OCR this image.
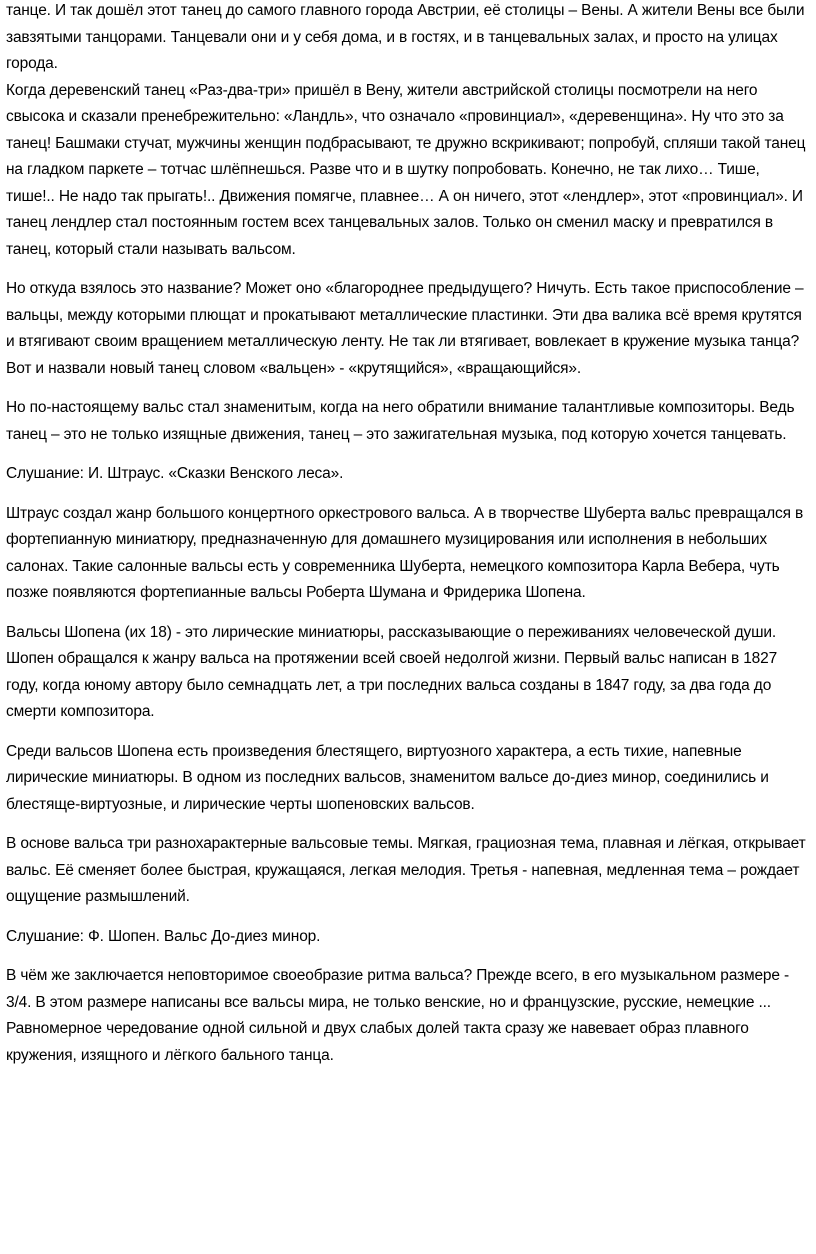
танце. И так дошёл этот танец до самого главного города Австрии, её столицы – Вены. А жители Вены все были завзятыми танцорами. Танцевали они и у себя дома, и в гостях, и в танцевальных залах, и просто на улицах города.

Когда деревенский танец «Раз-два-три» пришёл в Вену, жители австрийской столицы посмотрели на него свысока и сказали пренебрежительно: «Ландль», что означало «провинциал», «деревенщина». Ну что это за танец! Башмаки стучат, мужчины женщин подбрасывают, те дружно вскрикивают; попробуй, спляши такой танец на гладком паркете – тотчас шлёпнешься. Разве что и в шутку попробовать. Конечно, не так лихо… Тише, тише!.. Не надо так прыгать!.. Движения помягче, плавнее… А он ничего, этот «лендлер», этот «провинциал». И танец лендлер стал постоянным гостем всех танцевальных залов. Только он сменил маску и превратился в танец, который стали называть вальсом.

Но откуда взялось это название? Может оно «благороднее предыдущего? Ничуть. Есть такое приспособление – вальцы, между которыми плющат и прокатывают металлические пластинки. Эти два валика всё время крутятся и втягивают своим вращением металлическую ленту. Не так ли втягивает, вовлекает в кружение музыка танца? Вот и назвали новый танец словом «вальцен» - «крутящийся», «вращающийся».

Но по-настоящему вальс стал знаменитым, когда на него обратили внимание талантливые композиторы. Ведь танец – это не только изящные движения, танец – это зажигательная музыка, под которую хочется танцевать.

Слушание: И. Штраус. «Сказки Венского леса».

Штраус создал жанр большого концертного оркестрового вальса. А в творчестве Шуберта вальс превращался в фортепианную миниатюру, предназначенную для домашнего музицирования или исполнения в небольших салонах. Такие салонные вальсы есть у современника Шуберта, немецкого композитора Карла Вебера, чуть позже появляются фортепианные вальсы Роберта Шумана и Фридерика Шопена.

Вальсы Шопена (их 18) - это лирические миниатюры, рассказывающие о переживаниях человеческой души. Шопен обращался к жанру вальса на протяжении всей своей недолгой жизни. Первый вальс написан в 1827 году, когда юному автору было семнадцать лет, а три последних вальса созданы в 1847 году, за два года до смерти композитора.

Среди вальсов Шопена есть произведения блестящего, виртуозного характера, а есть тихие, напевные лирические миниатюры. В одном из последних вальсов, знаменитом вальсе до-диез минор, соединились и блестяще-виртуозные, и лирические черты шопеновских вальсов.

В основе вальса три разнохарактерные вальсовые темы. Мягкая, грациозная тема, плавная и лёгкая, открывает вальс. Её сменяет более быстрая, кружащаяся, легкая мелодия. Третья - напевная, медленная тема – рождает ощущение размышлений.

Слушание: Ф. Шопен. Вальс До-диез минор.

В чём же заключается неповторимое своеобразие ритма вальса? Прежде всего, в его музыкальном размере - 3/4. В этом размере написаны все вальсы мира, не только венские, но и французские, русские, немецкие ... Равномерное чередование одной сильной и двух слабых долей такта сразу же навевает образ плавного кружения, изящного и лёгкого бального танца.
